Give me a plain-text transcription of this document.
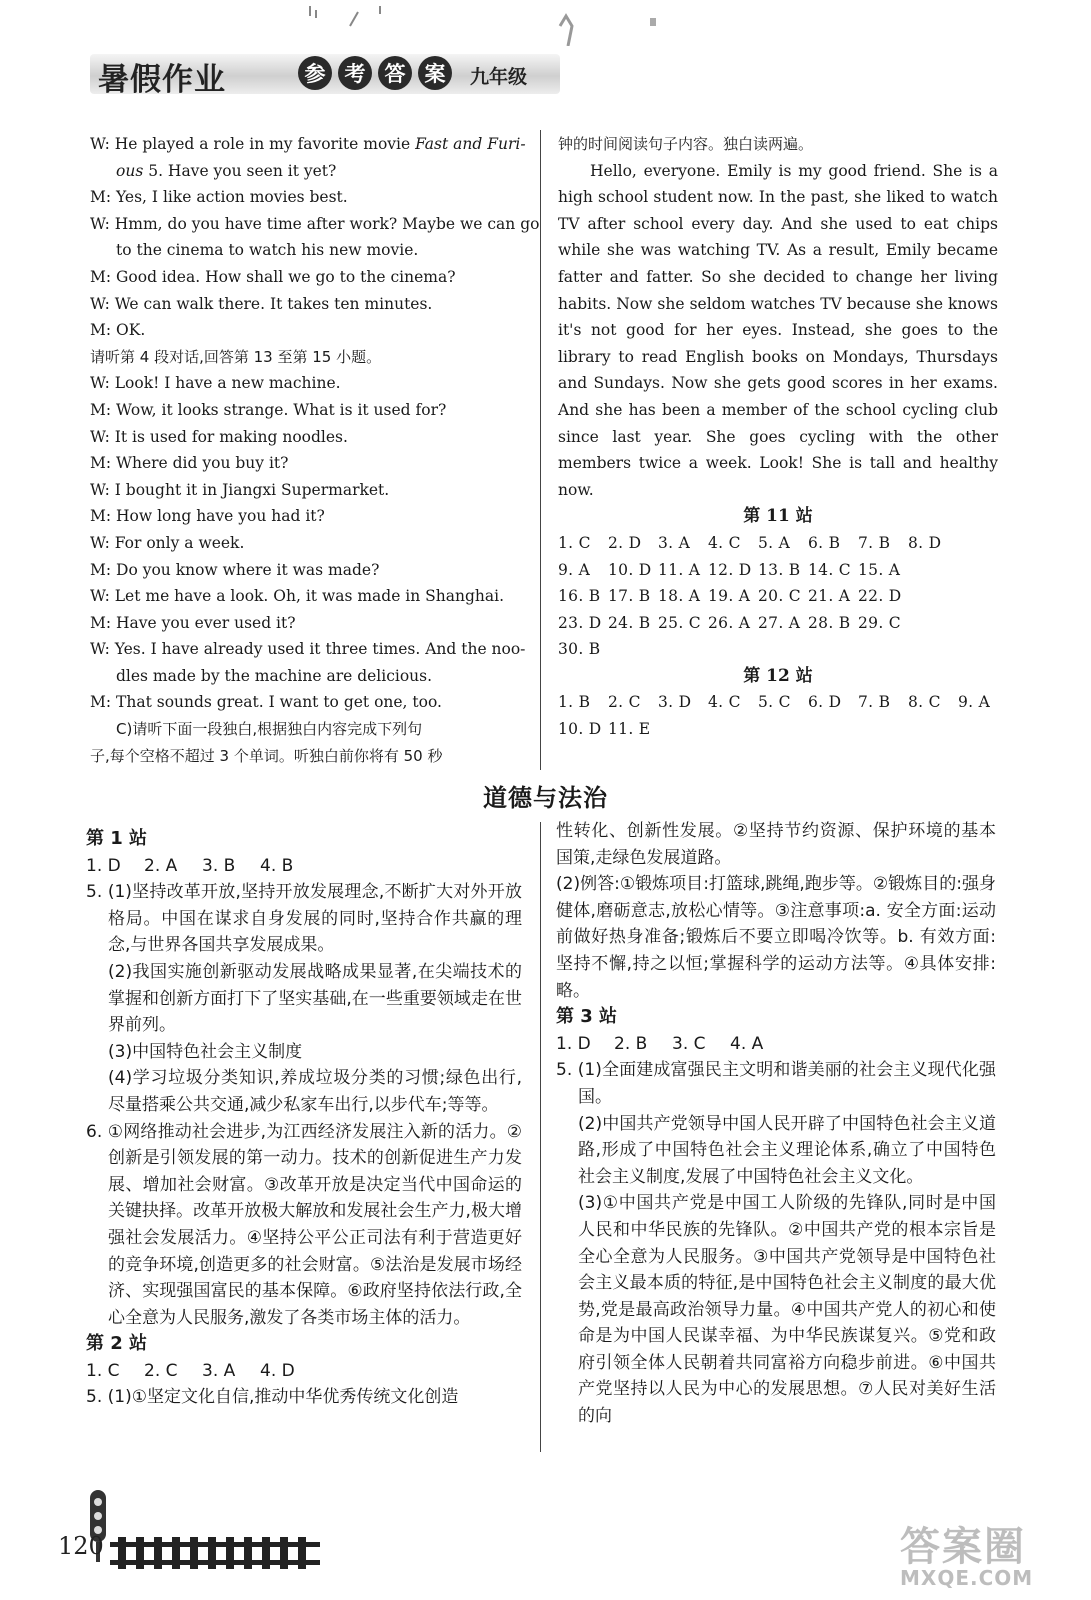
暑假作业	参 考 答 案	九年级

W: He played a role in my favorite movie Fast and Furi-

ous 5. Have you seen it yet?

M: Yes, I like action movies best.

W: Hmm, do you have time after work? Maybe we can go

to the cinema to watch his new movie.

M: Good idea. How shall we go to the cinema?

W: We can walk there. It takes ten minutes.

M: OK.

请听第 4 段对话,回答第 13 至第 15 小题。

W: Look! I have a new machine.

M: Wow, it looks strange. What is it used for?

W: It is used for making noodles.

M: Where did you buy it?

W: I bought it in Jiangxi Supermarket.

M: How long have you had it?

W: For only a week.

M: Do you know where it was made?

W: Let me have a look. Oh, it was made in Shanghai.

M: Have you ever used it?

W: Yes. I have already used it three times. And the noo-

dles made by the machine are delicious.

M: That sounds great. I want to get one, too.

C)请听下面一段独白,根据独白内容完成下列句

子,每个空格不超过 3 个单词。听独白前你将有 50 秒

钟的时间阅读句子内容。独白读两遍。

Hello, everyone. Emily is my good friend. She is a high school student now. In the past, she liked to watch TV after school every day. And she used to eat chips while she was watching TV. As a result, Emily became fatter and fatter. So she decided to change her living habits. Now she seldom watches TV because she knows it's not good for her eyes. Instead, she goes to the library to read English books on Mondays, Thursdays and Sundays. Now she gets good scores in her exams. And she has been a member of the school cycling club since last year. She goes cycling with the other members twice a week. Look! She is tall and healthy now.

第 11 站

1. C 2. D 3. A 4. C 5. A 6. B 7. B 8. D

9. A 10. D 11. A 12. D 13. B 14. C 15. A

16. B 17. B 18. A 19. A 20. C 21. A 22. D

23. D 24. B 25. C 26. A 27. A 28. B 29. C

30. B

第 12 站

1. B 2. C 3. D 4. C 5. C 6. D 7. B 8. C 9. A

10. D 11. E

道德与法治

第 1 站

1. D 2. A 3. B 4. B

5. (1)坚持改革开放,坚持开放发展理念,不断扩大对外开放格局。中国在谋求自身发展的同时,坚持合作共赢的理念,与世界各国共享发展成果。

(2)我国实施创新驱动发展战略成果显著,在尖端技术的掌握和创新方面打下了坚实基础,在一些重要领域走在世界前列。

(3)中国特色社会主义制度

(4)学习垃圾分类知识,养成垃圾分类的习惯;绿色出行,尽量搭乘公共交通,减少私家车出行,以步代车;等等。

6. ①网络推动社会进步,为江西经济发展注入新的活力。②创新是引领发展的第一动力。技术的创新促进生产力发展、增加社会财富。③改革开放是决定当代中国命运的关键抉择。改革开放极大解放和发展社会生产力,极大增强社会发展活力。④坚持公平公正司法有利于营造更好的竞争环境,创造更多的社会财富。⑤法治是发展市场经济、实现强国富民的基本保障。⑥政府坚持依法行政,全心全意为人民服务,激发了各类市场主体的活力。

第 2 站

1. C 2. C 3. A 4. D

5. (1)①坚定文化自信,推动中华优秀传统文化创造

性转化、创新性发展。②坚持节约资源、保护环境的基本国策,走绿色发展道路。

(2)例答:①锻炼项目:打篮球,跳绳,跑步等。②锻炼目的:强身健体,磨砺意志,放松心情等。③注意事项:a. 安全方面:运动前做好热身准备;锻炼后不要立即喝冷饮等。b. 有效方面:坚持不懈,持之以恒;掌握科学的运动方法等。④具体安排:略。

第 3 站

1. D 2. B 3. C 4. A

5. (1)全面建成富强民主文明和谐美丽的社会主义现代化强国。

(2)中国共产党领导中国人民开辟了中国特色社会主义道路,形成了中国特色社会主义理论体系,确立了中国特色社会主义制度,发展了中国特色社会主义文化。

(3)①中国共产党是中国工人阶级的先锋队,同时是中国人民和中华民族的先锋队。②中国共产党的根本宗旨是全心全意为人民服务。③中国共产党领导是中国特色社会主义最本质的特征,是中国特色社会主义制度的最大优势,党是最高政治领导力量。④中国共产党人的初心和使命是为中国人民谋幸福、为中华民族谋复兴。⑤党和政府引领全体人民朝着共同富裕方向稳步前进。⑥中国共产党坚持以人民为中心的发展思想。⑦人民对美好生活的向

120	答案圈
MXQE.COM
